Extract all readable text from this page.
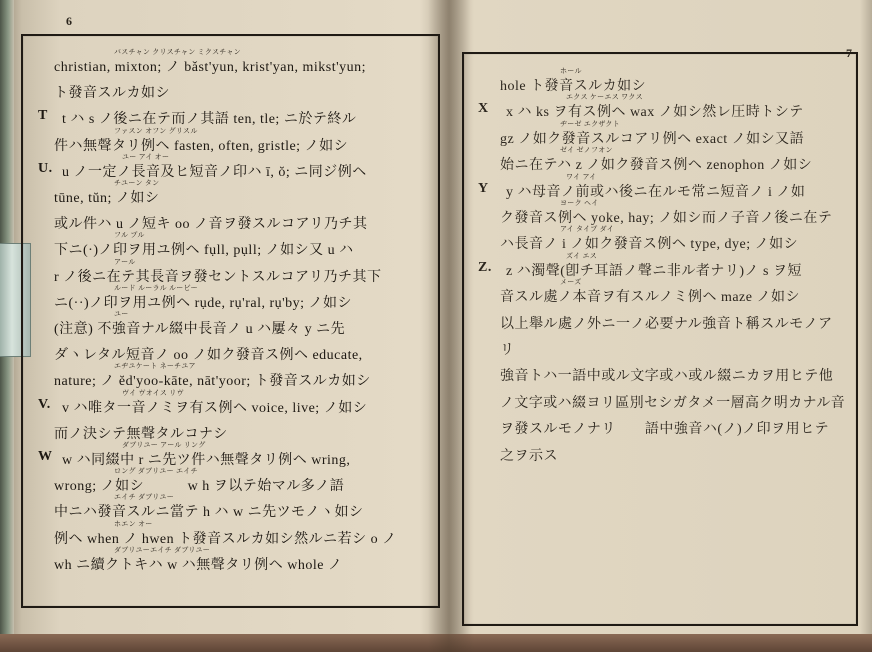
6
christian, mixton; ノ bǎst'yun, krist'yan, mikst'yun;
バスチャン クリスチャン ミクスチャン
ト發音スルカ如シ
T t ハ s ノ後ニ在テ而ノ其語 ten, tle; ニ於テ終ル
件ハ無聲タリ例ヘ fasten, often, gristle; ノ如シ
ファスン オフン グリスル
U. u ノ一定ノ長音及ヒ短音ノ印ハ ī, ŏ; ニ同ジ例ヘ
ユー アイ オー
tūne, tŭn; ノ如シ
チユーン タン
或ル件ハ u ノ短キ oo ノ音ヲ發スルコアリ乃チ其
下ニ(·)ノ印ヲ用ユ例ヘ fụll, pụll; ノ如シ又 u ハ
フル プル
r ノ後ニ在テ其長音ヲ發セントスルコアリ乃チ其下
アール
ニ(··)ノ印ヲ用ユ例ヘ rụde, rụ'ral, rụ'by; ノ如シ
ルード ルーラル ルービー
(注意) 不強音ナル綴中長音ノ u ハ屢々 y ニ先
ユー
ダヽレタル短音ノ oo ノ如ク發音ス例ヘ educate,
nature; ノ ĕd'yoo-kāte, nāt'yoor; ト發音スルカ如シ
エヂユケート ネーチユア
V. v ハ唯タ一音ノミヲ有ス例ヘ voice, live; ノ如シ
ヴイ ヴオイス リヴ
而ノ決シテ無聲タルコナシ
W w ハ同綴中 r ニ先ツ件ハ無聲タリ例ヘ wring,
ダブリユー アール リング
wrong; ノ如シ　　　w h ヲ以テ始マル多ノ語
ロング ダブリユー エイチ
中ニハ發音スルニ當テ h ハ w ニ先ツモノヽ如シ
エイチ ダブリユー
例ヘ when ノ hwen ト發音スルカ如シ然ルニ若シ o ノ
ホエン オー
wh ニ續クトキハ w ハ無聲タリ例ヘ whole ノ
ダブリユーエイチ ダブリユー
7
hole ト發音スルカ如シ
ホール
X x ハ ks ヲ有ス例ヘ wax ノ如シ然レ圧時トシテ
エクス ケーエス ワクス
gz ノ如ク發音スルコアリ例ヘ exact ノ如シ又語
ヂーゼ エクザクト
始ニ在テハ z ノ如ク發音ス例ヘ zenophon ノ如シ
ゼイ ゼノフオン
Y y ハ母音ノ前或ハ後ニ在ルモ常ニ短音ノ i ノ如
ワイ アイ
ク發音ス例ヘ yoke, hay; ノ如シ而ノ子音ノ後ニ在テ
ヨーク ヘイ
ハ長音ノ i ノ如ク發音ス例ヘ type, dye; ノ如シ
アイ タイプ ダイ
Z. z ハ濁聲(卽チ耳語ノ聲ニ非ル者ナリ)ノ s ヲ短
ズイ エス
音スル處ノ本音ヲ有スルノミ例ヘ maze ノ如シ
メーズ
以上舉ル處ノ外ニ一ノ必要ナル強音ト稱スルモノア
リ
強音トハ一語中或ル文字或ハ或ル綴ニカヲ用ヒテ他
ノ文字或ハ綴ヨリ區別セシガタメ一層高ク明カナル音
ヲ發スルモノナリ　　語中強音ハ(ノ)ノ印ヲ用ヒテ
之ヲ示ス
